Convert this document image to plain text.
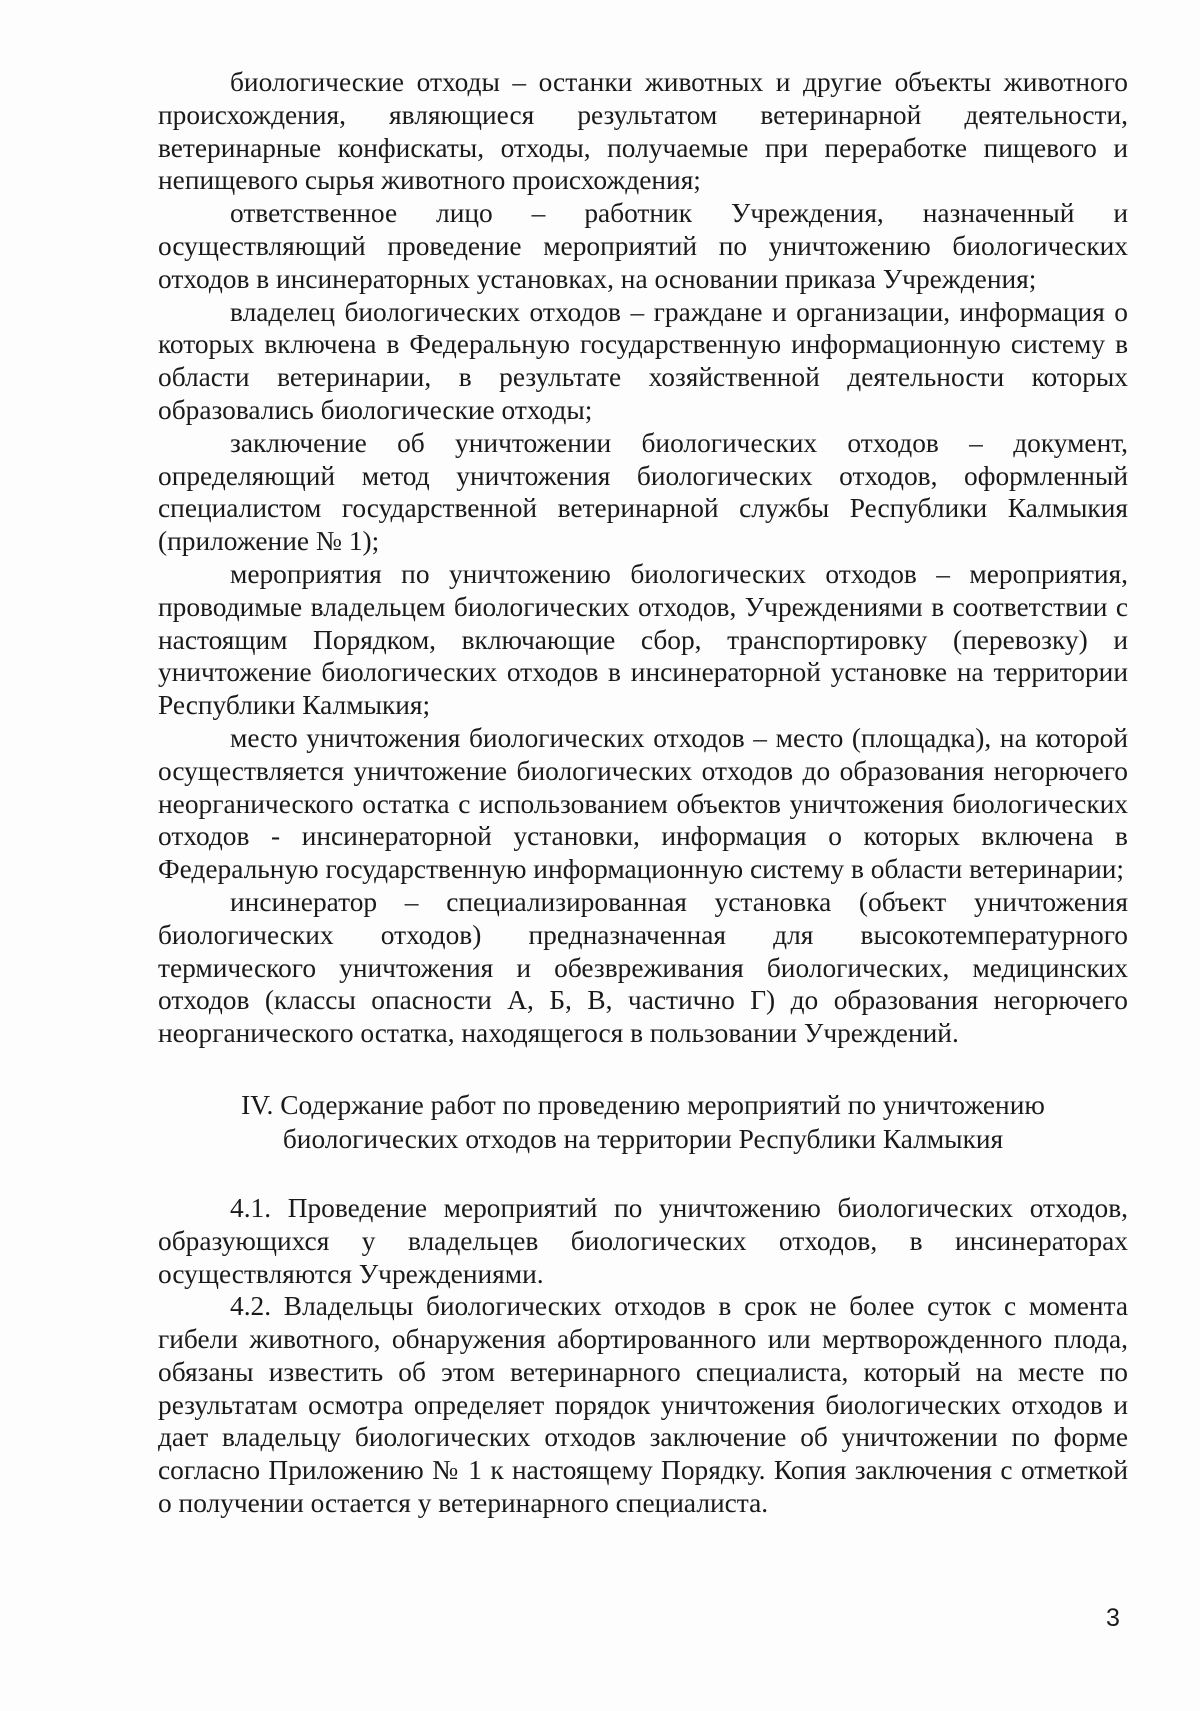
биологические отходы – останки животных и другие объекты животного происхождения, являющиеся результатом ветеринарной деятельности, ветеринарные конфискаты, отходы, получаемые при переработке пищевого и непищевого сырья животного происхождения;

ответственное лицо – работник Учреждения, назначенный и осуществляющий проведение мероприятий по уничтожению биологических отходов в инсинераторных установках, на основании приказа Учреждения;

владелец биологических отходов – граждане и организации, информация о которых включена в Федеральную государственную информационную систему в области ветеринарии, в результате хозяйственной деятельности которых образовались биологические отходы;

заключение об уничтожении биологических отходов – документ, определяющий метод уничтожения биологических отходов, оформленный специалистом государственной ветеринарной службы Республики Калмыкия (приложение № 1);

мероприятия по уничтожению биологических отходов – мероприятия, проводимые владельцем биологических отходов, Учреждениями в соответствии с настоящим Порядком, включающие сбор, транспортировку (перевозку) и уничтожение биологических отходов в инсинераторной установке на территории Республики Калмыкия;

место уничтожения биологических отходов – место (площадка), на которой осуществляется уничтожение биологических отходов до образования негорючего неорганического остатка с использованием объектов уничтожения биологических отходов - инсинераторной установки, информация о которых включена в Федеральную государственную информационную систему в области ветеринарии;

инсинератор – специализированная установка (объект уничтожения биологических отходов) предназначенная для высокотемпературного термического уничтожения и обезвреживания биологических, медицинских отходов (классы опасности А, Б, В, частично Г) до образования негорючего неорганического остатка, находящегося в пользовании Учреждений.

IV. Содержание работ по проведению мероприятий по уничтожению
биологических отходов на территории Республики Калмыкия

4.1. Проведение мероприятий по уничтожению биологических отходов, образующихся у владельцев биологических отходов, в инсинераторах осуществляются Учреждениями.

4.2. Владельцы биологических отходов в срок не более суток с момента гибели животного, обнаружения абортированного или мертворожденного плода, обязаны известить об этом ветеринарного специалиста, который на месте по результатам осмотра определяет порядок уничтожения биологических отходов и дает владельцу биологических отходов заключение об уничтожении по форме согласно Приложению № 1 к настоящему Порядку. Копия заключения с отметкой о получении остается у ветеринарного специалиста.

3
